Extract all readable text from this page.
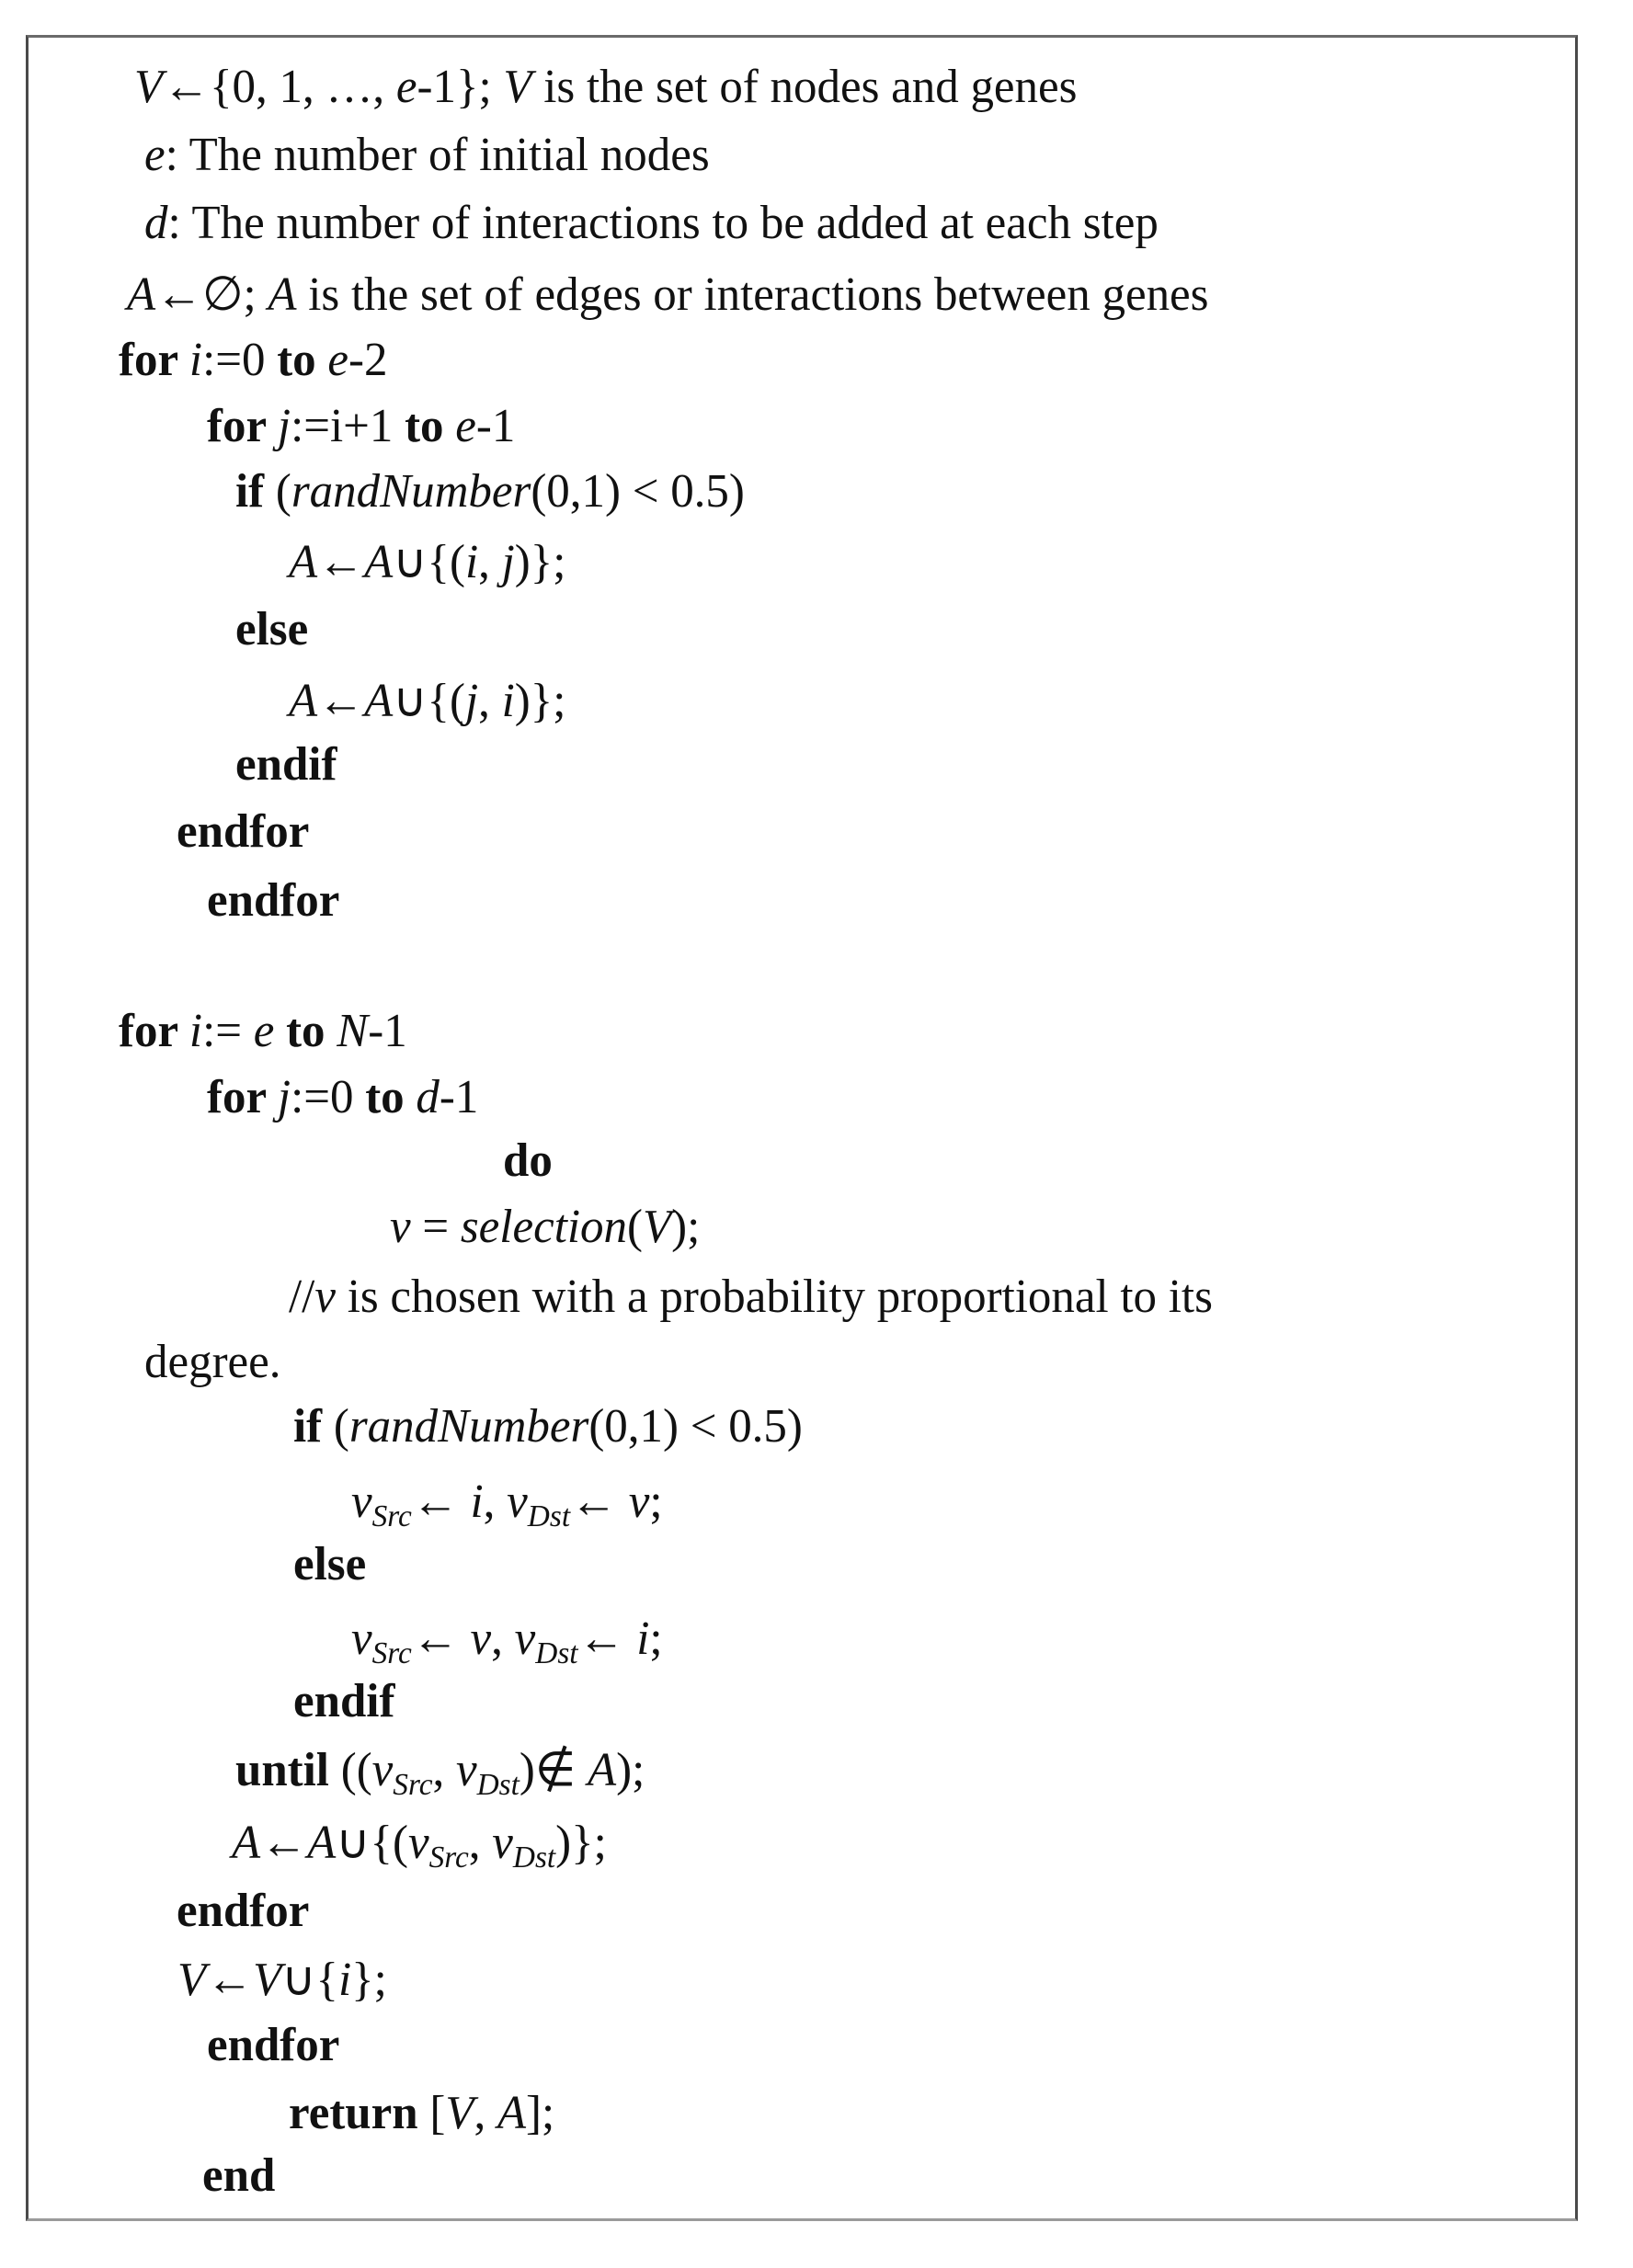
V←{0, 1, …, e-1}; V is the set of nodes and genes
e: The number of initial nodes
d: The number of interactions to be added at each step
A←∅; A is the set of edges or interactions between genes
for i:=0 to e-2
for j:=i+1 to e-1
if (randNumber(0,1) < 0.5)
A←A∪{(i, j)};
else
A←A∪{(j, i)};
endif
endfor
endfor
for i:= e to N-1
for j:=0 to d-1
do
v = selection(V);
//v is chosen with a probability proportional to its
degree.
if (randNumber(0,1) < 0.5)
$v_{Src}\leftarrow$ i, $v_{Dst}\leftarrow$ v;
else
$v_{Src}\leftarrow$ v, $v_{Dst}\leftarrow$ i;
endif
until (($v_{Src}$, $v_{Dst})\notin$ A);
$A\leftarrow A\cup\{(v_{Src}$, $v_{Dst}$)};
endfor
V←V∪{i};
endfor
return [V, A];
end
